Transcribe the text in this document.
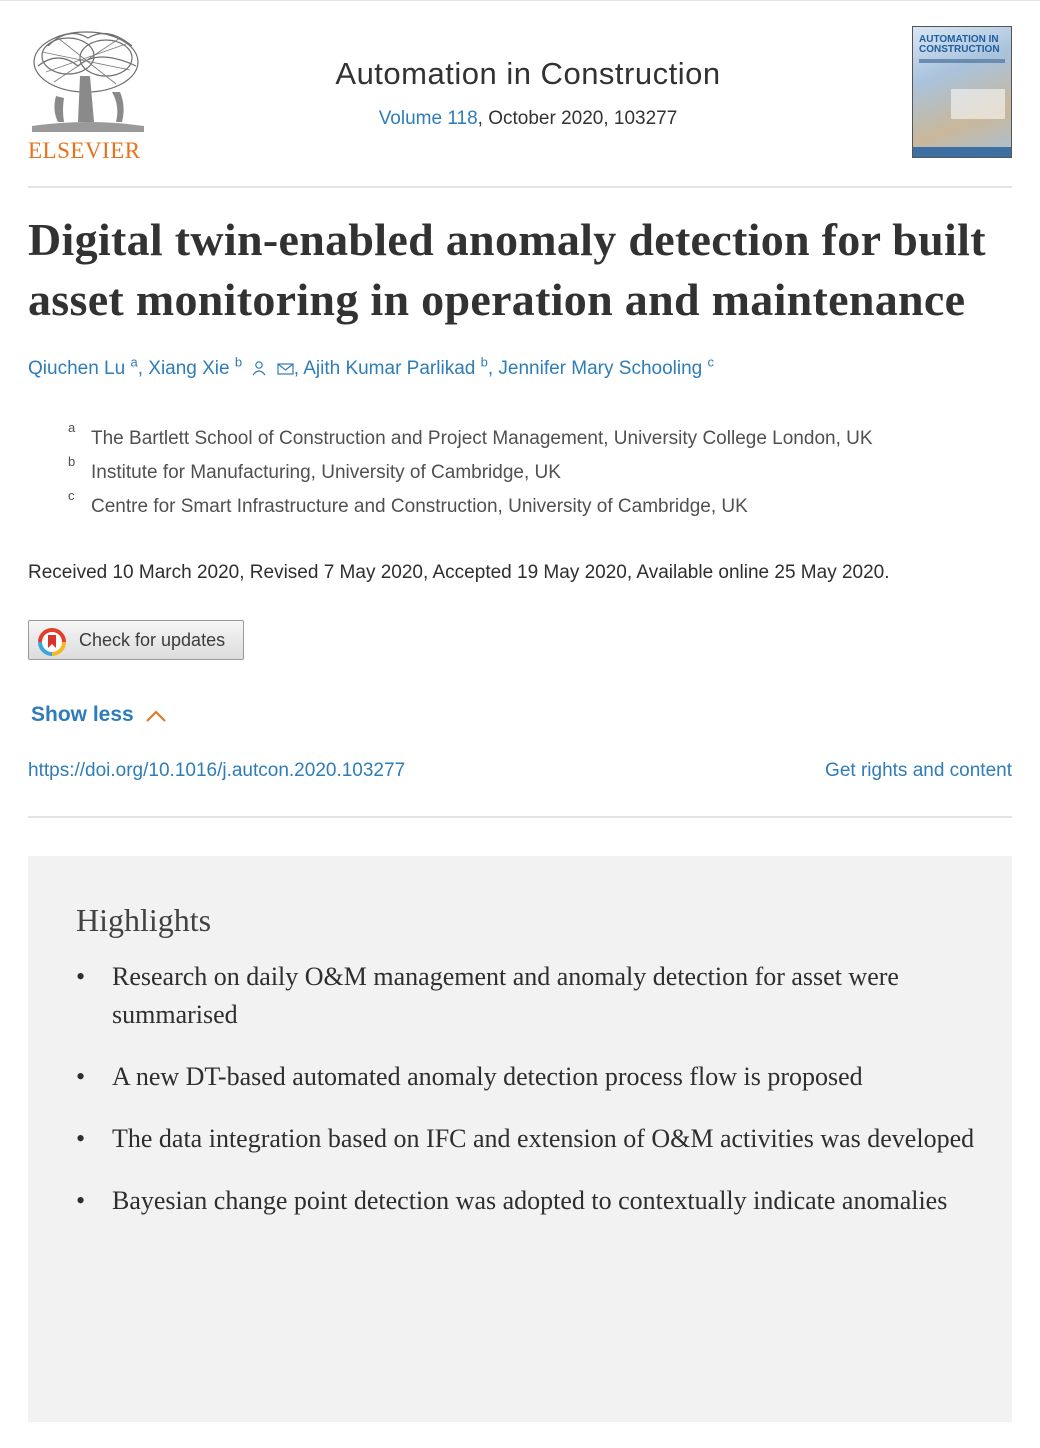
ELSEVIER
Automation in Construction
Volume 118, October 2020, 103277
AUTOMATION IN CONSTRUCTION
Digital twin-enabled anomaly detection for built asset monitoring in operation and maintenance
Qiuchen Lu $^a$, Xiang Xie $^b$	, Ajith Kumar Parlikad $^b$, Jennifer Mary Schooling $^c$
a
The Bartlett School of Construction and Project Management, University College London, UK
b
Institute for Manufacturing, University of Cambridge, UK
c
Centre for Smart Infrastructure and Construction, University of Cambridge, UK
Received 10 March 2020, Revised 7 May 2020, Accepted 19 May 2020, Available online 25 May 2020.
Check for updates
Show less
https://doi.org/10.1016/j.autcon.2020.103277	Get rights and content
Highlights
• Research on daily O&M management and anomaly detection for asset were summarised
• A new DT-based automated anomaly detection process flow is proposed
• The data integration based on IFC and extension of O&M activities was developed
• Bayesian change point detection was adopted to contextually indicate anomalies
